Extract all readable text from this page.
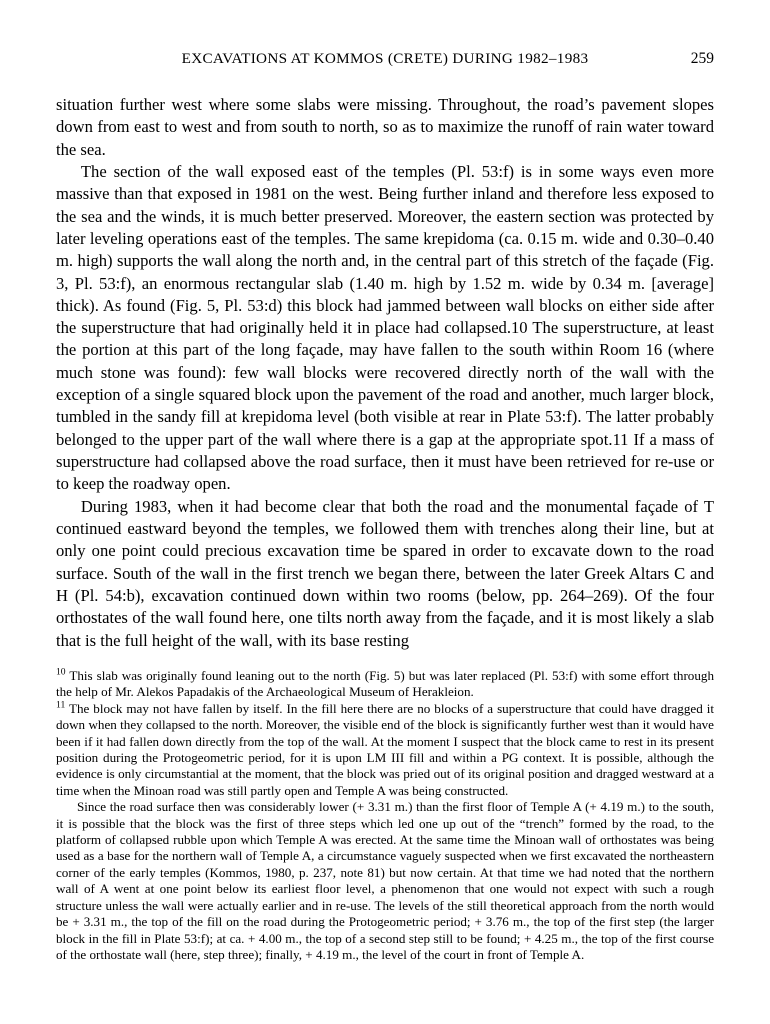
EXCAVATIONS AT KOMMOS (CRETE) DURING 1982–1983	259

situation further west where some slabs were missing. Throughout, the road’s pavement slopes down from east to west and from south to north, so as to maximize the runoff of rain water toward the sea.

The section of the wall exposed east of the temples (Pl. 53:f) is in some ways even more massive than that exposed in 1981 on the west. Being further inland and therefore less exposed to the sea and the winds, it is much better preserved. Moreover, the eastern section was protected by later leveling operations east of the temples. The same krepidoma (ca. 0.15 m. wide and 0.30–0.40 m. high) supports the wall along the north and, in the central part of this stretch of the façade (Fig. 3, Pl. 53:f), an enormous rectangular slab (1.40 m. high by 1.52 m. wide by 0.34 m. [average] thick). As found (Fig. 5, Pl. 53:d) this block had jammed between wall blocks on either side after the superstructure that had originally held it in place had collapsed.10 The superstructure, at least the portion at this part of the long façade, may have fallen to the south within Room 16 (where much stone was found): few wall blocks were recovered directly north of the wall with the exception of a single squared block upon the pavement of the road and another, much larger block, tumbled in the sandy fill at krepidoma level (both visible at rear in Plate 53:f). The latter probably belonged to the upper part of the wall where there is a gap at the appropriate spot.11 If a mass of superstructure had collapsed above the road surface, then it must have been retrieved for re-use or to keep the roadway open.

During 1983, when it had become clear that both the road and the monumental façade of T continued eastward beyond the temples, we followed them with trenches along their line, but at only one point could precious excavation time be spared in order to excavate down to the road surface. South of the wall in the first trench we began there, between the later Greek Altars C and H (Pl. 54:b), excavation continued down within two rooms (below, pp. 264–269). Of the four orthostates of the wall found here, one tilts north away from the façade, and it is most likely a slab that is the full height of the wall, with its base resting

$^{10}$ This slab was originally found leaning out to the north (Fig. 5) but was later replaced (Pl. 53:f) with some effort through the help of Mr. Alekos Papadakis of the Archaeological Museum of Herakleion.

$^{11}$ The block may not have fallen by itself. In the fill here there are no blocks of a superstructure that could have dragged it down when they collapsed to the north. Moreover, the visible end of the block is significantly further west than it would have been if it had fallen down directly from the top of the wall. At the moment I suspect that the block came to rest in its present position during the Protogeometric period, for it is upon LM III fill and within a PG context. It is possible, although the evidence is only circumstantial at the moment, that the block was pried out of its original position and dragged westward at a time when the Minoan road was still partly open and Temple A was being constructed.

Since the road surface then was considerably lower (+ 3.31 m.) than the first floor of Temple A (+ 4.19 m.) to the south, it is possible that the block was the first of three steps which led one up out of the “trench” formed by the road, to the platform of collapsed rubble upon which Temple A was erected. At the same time the Minoan wall of orthostates was being used as a base for the northern wall of Temple A, a circumstance vaguely suspected when we first excavated the northeastern corner of the early temples (Kommos, 1980, p. 237, note 81) but now certain. At that time we had noted that the northern wall of A went at one point below its earliest floor level, a phenomenon that one would not expect with such a rough structure unless the wall were actually earlier and in re-use. The levels of the still theoretical approach from the north would be + 3.31 m., the top of the fill on the road during the Protogeometric period; + 3.76 m., the top of the first step (the larger block in the fill in Plate 53:f); at ca. + 4.00 m., the top of a second step still to be found; + 4.25 m., the top of the first course of the orthostate wall (here, step three); finally, + 4.19 m., the level of the court in front of Temple A.
